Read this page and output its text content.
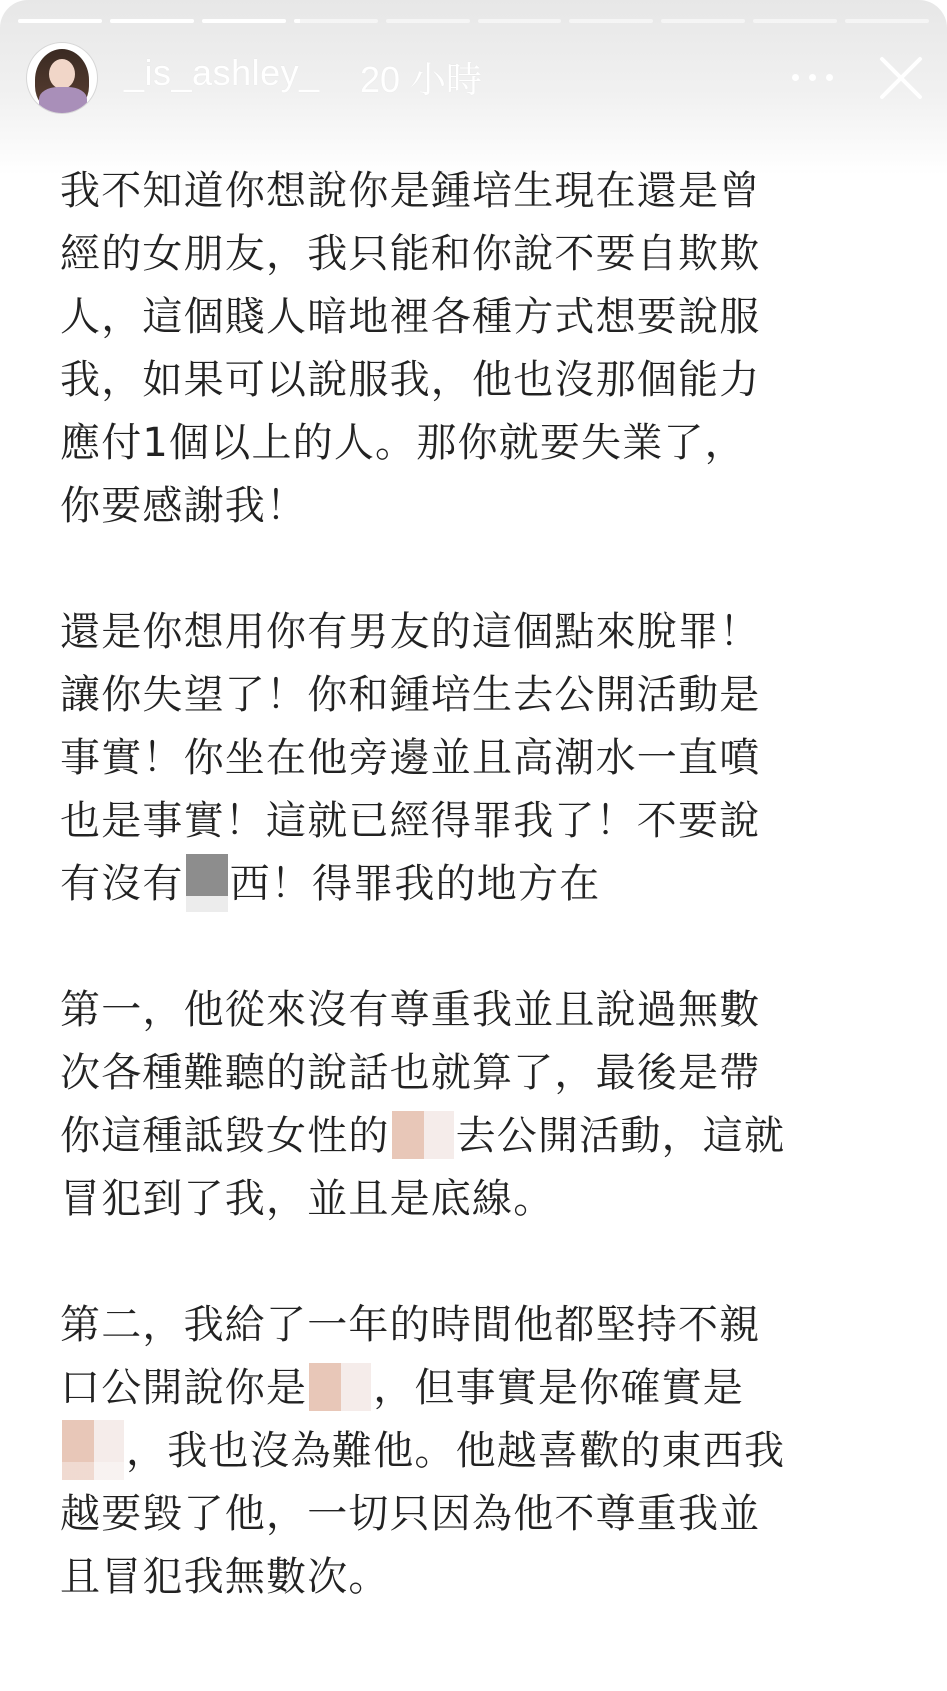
_is_ashley_ 20 小時

我不知道你想說你是鍾培生現在還是曾
經的女朋友，我只能和你說不要自欺欺
人，這個賤人暗地裡各種方式想要說服
我，如果可以說服我，他也沒那個能力
應付1個以上的人。那你就要失業了，
你要感謝我！

還是你想用你有男友的這個點來脫罪！
讓你失望了！你和鍾培生去公開活動是
事實！你坐在他旁邊並且高潮水一直噴
也是事實！這就已經得罪我了！不要說
有沒有 西！得罪我的地方在

第一，他從來沒有尊重我並且說過無數
次各種難聽的說話也就算了，最後是帶
你這種詆毀女性的 去公開活動，這就
冒犯到了我，並且是底線。

第二，我給了一年的時間他都堅持不親
口公開說你是 ，但事實是你確實是
，我也沒為難他。他越喜歡的東西我
越要毀了他，一切只因為他不尊重我並
且冒犯我無數次。
